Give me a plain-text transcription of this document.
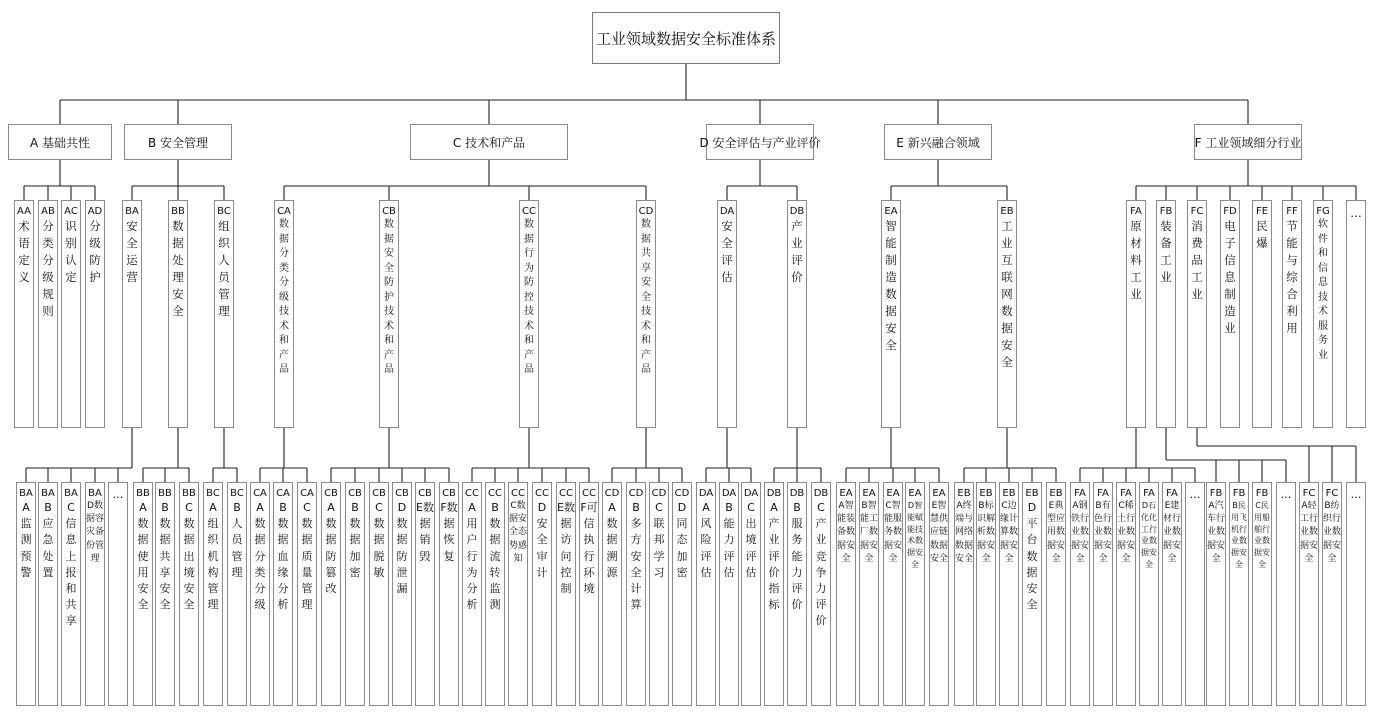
工业领域数据安全标准体系
A 基础共性
AA
术语定义
AB
分类分级规则
AC
识别认定
AD
分级防护
B 安全管理
BA
安全运营
BA
A监测预警
BA
B应急处置
BA
C信息上报和共享
BA
D数据容灾备份管理
…
BB
数据处理安全
BB
A数据使用安全
BB
B数据共享安全
BB
C数据出境安全
BC
组织人员管理
BC
A组织机构管理
BC
B人员管理
C 技术和产品
CA
数据分类分级技术和产品
CA
A数据分类分级
CA
B数据血缘分析
CA
C数据质量管理
CB
数据安全防护技术和产品
CB
A数据防篡改
CB
B数据加密
CB
C数据脱敏
CB
D数据防泄漏
CB
E数据销毁
CB
F数据恢复
CC
数据行为防控技术和产品
CC
A用户行为分析
CC
B数据流转监测
CC
C数据安全态势感知
CC
D安全审计
CC
E数据访问控制
CC
F可信执行环境
CD
数据共享安全技术和产品
CD
A数据溯源
CD
B多方安全计算
CD
C联邦学习
CD
D同态加密
D 安全评估与产业评价
DA
安全评估
DA
A风险评估
DA
B能力评估
DA
C出境评估
DB
产业评价
DB
A产业评价指标
DB
B服务能力评价
DB
C产业竞争力评价
E 新兴融合领域
EA
智能制造数据安全
EA
A智能装备数据安全
EA
B智能工厂数据安全
EA
C智能服务数据安全
EA
D智能赋能技术数据安全
EA
E智慧供应链数据安全
EB
工业互联网数据安全
EB
A终端与网络数据安全
EB
B标识解析数据安全
EB
C边缘计算数据安全
EB
D平台数据安全
EB
E典型应用数据安全
F 工业领域细分行业
FA
原材料工业
FA
A钢铁行业数据安全
FA
B有色行业数据安全
FA
C稀土行业数据安全
FA
D石化化工行业数据安全
FA
E建材行业数据安全
…
FB
装备工业
FB
A汽车行业数据安全
FB
B民用飞机行业数据安全
FB
C民用船舶行业数据安全
…
FC
消费品工业
FC
A轻工行业数据安全
FC
B纺织行业数据安全
…
FD
电子信息制造业
FE
民爆
FF
节能与综合利用
FG
软件和信息技术服务业
…
